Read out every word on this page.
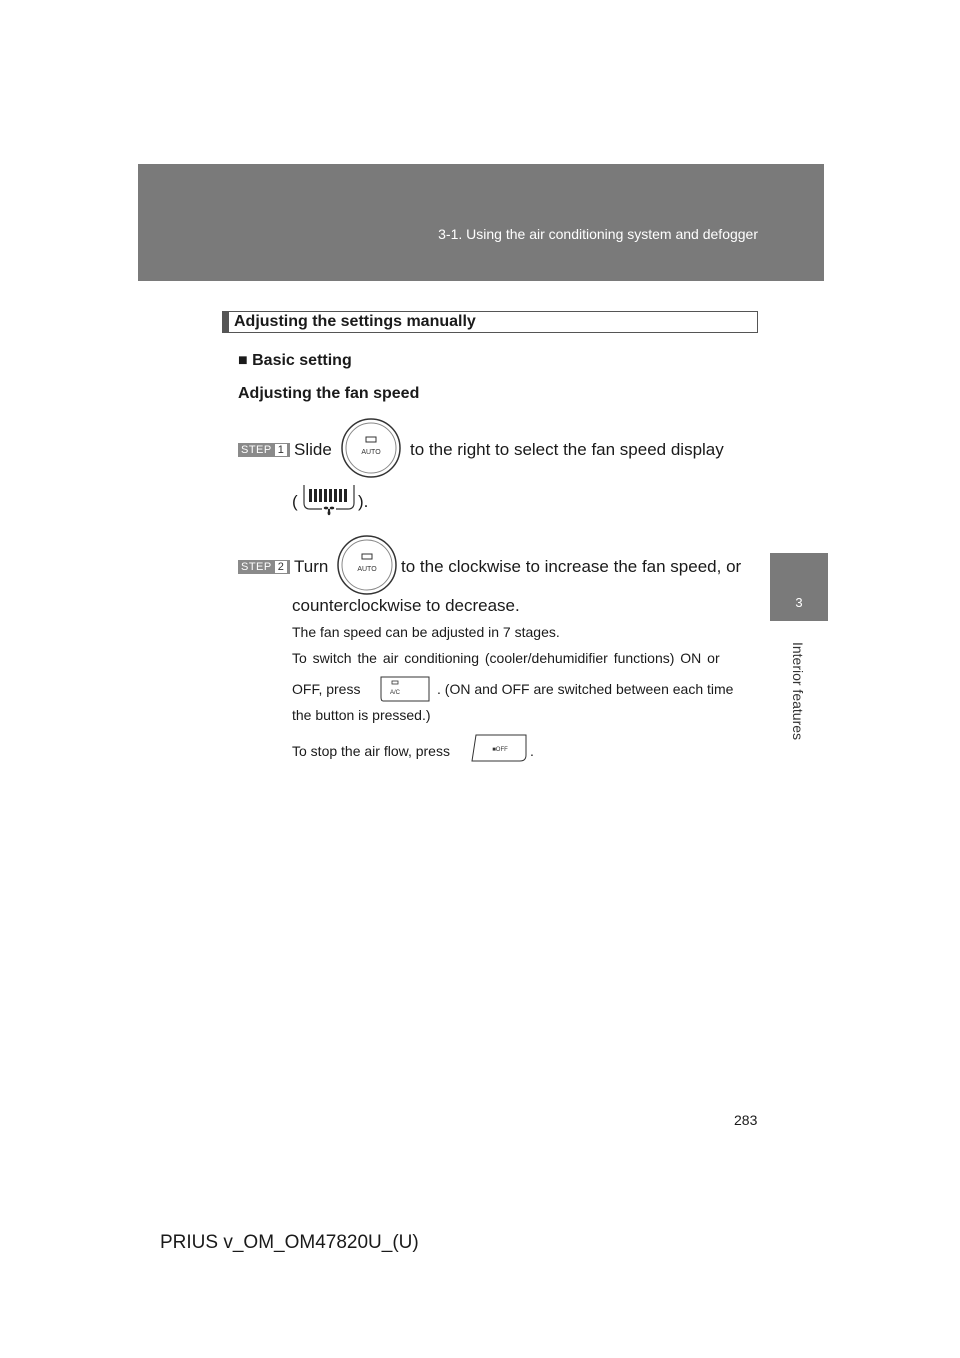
3-1. Using the air conditioning system and defogger
3
Interior features
Adjusting the settings manually
■ Basic setting
Adjusting the fan speed
STEP 1 Slide	AUTO to the right to select the fan speed display
(	).
STEP 2 Turn	AUTO to the clockwise to increase the fan speed, or
counterclockwise to decrease.
The fan speed can be adjusted in 7 stages.
To switch the air conditioning (cooler/dehumidifier functions) ON or
OFF, press	A/C	. (ON and OFF are switched between each time
the button is pressed.)
To stop the air flow, press	■OFF .
283
PRIUS v_OM_OM47820U_(U)
